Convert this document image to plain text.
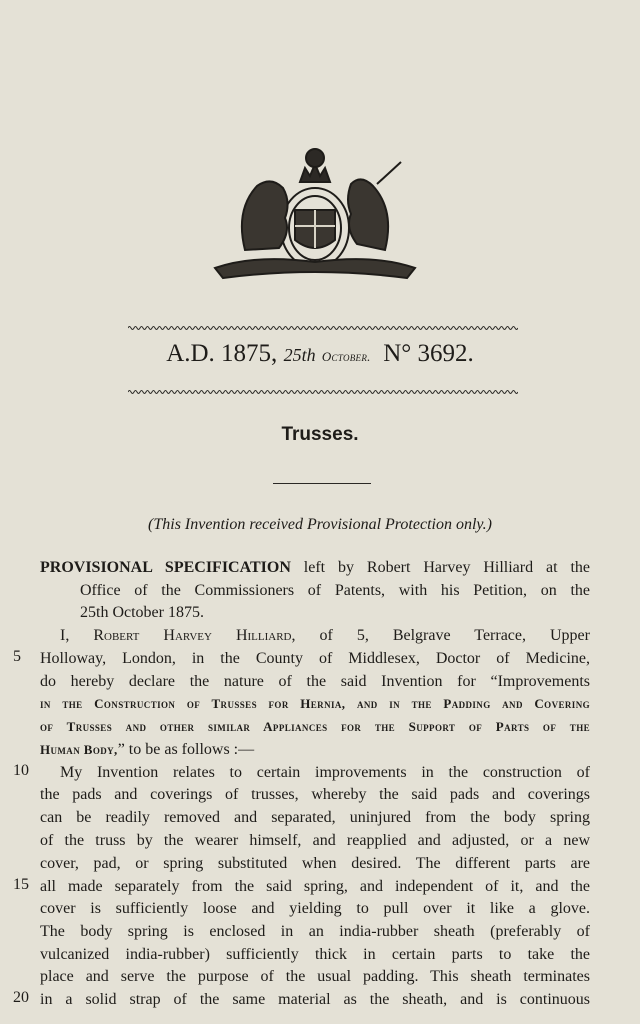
A.D. 1875, 25th October. N° 3692.
Trusses.
(This Invention received Provisional Protection only.)
PROVISIONAL SPECIFICATION left by Robert Harvey Hilliard at the
Office of the Commissioners of Patents, with his Petition, on the
25th October 1875.
I, Robert Harvey Hilliard, of 5, Belgrave Terrace, Upper
Holloway, London, in the County of Middlesex, Doctor of Medicine,
do hereby declare the nature of the said Invention for “Improvements
in the Construction of Trusses for Hernia, and in the Padding and Covering
of Trusses and other similar Appliances for the Support of Parts of the
Human Body,” to be as follows :—
My Invention relates to certain improvements in the construction of
the pads and coverings of trusses, whereby the said pads and coverings
can be readily removed and separated, uninjured from the body spring
of the truss by the wearer himself, and reapplied and adjusted, or a new
cover, pad, or spring substituted when desired. The different parts are
all made separately from the said spring, and independent of it, and the
cover is sufficiently loose and yielding to pull over it like a glove.
The body spring is enclosed in an india-rubber sheath (preferably of
vulcanized india-rubber) sufficiently thick in certain parts to take the
place and serve the purpose of the usual padding. This sheath terminates
in a solid strap of the same material as the sheath, and is continuous
5
10
15
20
